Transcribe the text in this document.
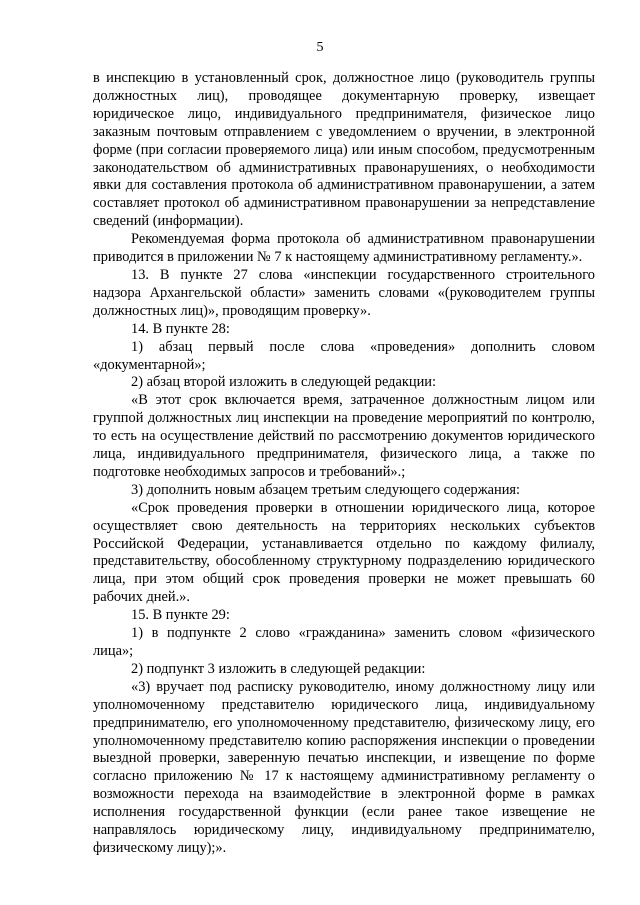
5

в инспекцию в установленный срок, должностное лицо (руководитель группы должностных лиц), проводящее документарную проверку, извещает юридическое лицо, индивидуального предпринимателя, физическое лицо заказным почтовым отправлением с уведомлением о вручении, в электронной форме (при согласии проверяемого лица) или иным способом, предусмотренным законодательством об административных правонарушениях, о необходимости явки для составления протокола об административном правонарушении, а затем составляет протокол об административном правонарушении за непредставление сведений (информации).

Рекомендуемая форма протокола об административном правонарушении приводится в приложении № 7 к настоящему административному регламенту.».

13. В пункте 27 слова «инспекции государственного строительного надзора Архангельской области» заменить словами «(руководителем группы должностных лиц)», проводящим проверку».

14. В пункте 28:

1) абзац первый после слова «проведения» дополнить словом «документарной»;

2) абзац второй изложить в следующей редакции:

«В этот срок включается время, затраченное должностным лицом или группой должностных лиц инспекции на проведение мероприятий по контролю, то есть на осуществление действий по рассмотрению документов юридического лица, индивидуального предпринимателя, физического лица, а также по подготовке необходимых запросов и требований».;

3) дополнить новым абзацем третьим следующего содержания:

«Срок проведения проверки в отношении юридического лица, которое осуществляет свою деятельность на территориях нескольких субъектов Российской Федерации, устанавливается отдельно по каждому филиалу, представительству, обособленному структурному подразделению юридического лица, при этом общий срок проведения проверки не может превышать 60 рабочих дней.».

15. В пункте 29:

1) в подпункте 2 слово «гражданина» заменить словом «физического лица»;

2) подпункт 3 изложить в следующей редакции:

«3) вручает под расписку руководителю, иному должностному лицу или уполномоченному представителю юридического лица, индивидуальному предпринимателю, его уполномоченному представителю, физическому лицу, его уполномоченному представителю копию распоряжения инспекции о проведении выездной проверки, заверенную печатью инспекции, и извещение по форме согласно приложению № 17 к настоящему административному регламенту о возможности перехода на взаимодействие в электронной форме в рамках исполнения государственной функции (если ранее такое извещение не направлялось юридическому лицу, индивидуальному предпринимателю, физическому лицу);».
